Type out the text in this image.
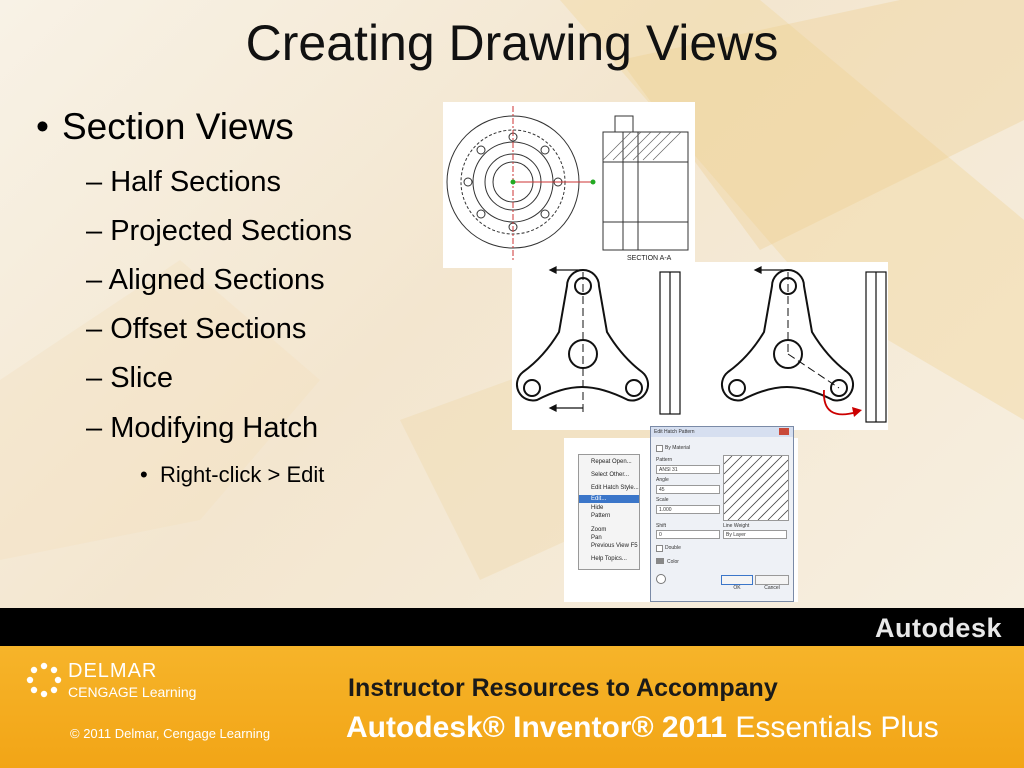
Creating Drawing Views
• Section Views
– Half Sections
– Projected Sections
– Aligned Sections
– Offset Sections
– Slice
– Modifying Hatch
• Right-click > Edit
SECTION A-A
Repeat Open...
Select Other...
Edit Hatch Style...
Edit...
Hide
Pattern
Zoom
Pan
Previous View F5
Help Topics...
Edit Hatch Pattern
By Material
Pattern
ANSI 31
Angle
45
Scale
1.000
Shift
0
Line Weight
By Layer
Double
Color
OK	Cancel
Autodesk
DELMAR
CENGAGE Learning
© 2011 Delmar, Cengage Learning
Instructor Resources to Accompany
Autodesk® Inventor® 2011 Essentials Plus
